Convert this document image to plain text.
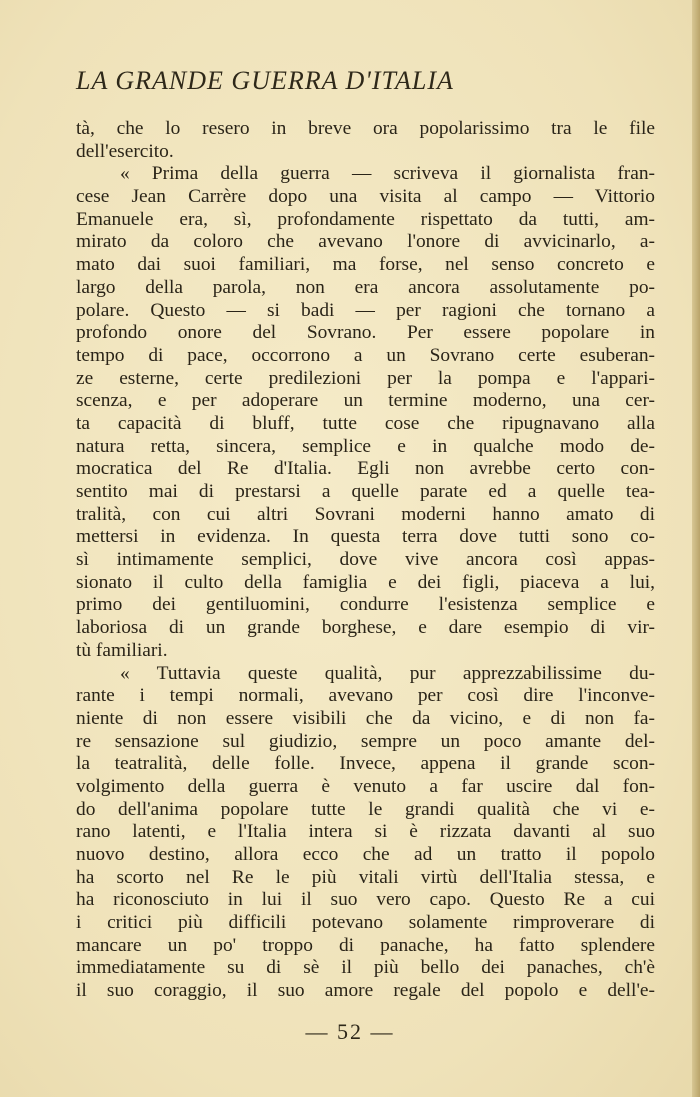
LA GRANDE GUERRA D'ITALIA
tà, che lo resero in breve ora popolarissimo tra le file
dell'esercito.
« Prima della guerra — scriveva il giornalista fran-
cese Jean Carrère dopo una visita al campo — Vittorio
Emanuele era, sì, profondamente rispettato da tutti, am-
mirato da coloro che avevano l'onore di avvicinarlo, a-
mato dai suoi familiari, ma forse, nel senso concreto e
largo della parola, non era ancora assolutamente po-
polare. Questo — si badi — per ragioni che tornano a
profondo onore del Sovrano. Per essere popolare in
tempo di pace, occorrono a un Sovrano certe esuberan-
ze esterne, certe predilezioni per la pompa e l'appari-
scenza, e per adoperare un termine moderno, una cer-
ta capacità di bluff, tutte cose che ripugnavano alla
natura retta, sincera, semplice e in qualche modo de-
mocratica del Re d'Italia. Egli non avrebbe certo con-
sentito mai di prestarsi a quelle parate ed a quelle tea-
tralità, con cui altri Sovrani moderni hanno amato di
mettersi in evidenza. In questa terra dove tutti sono co-
sì intimamente semplici, dove vive ancora così appas-
sionato il culto della famiglia e dei figli, piaceva a lui,
primo dei gentiluomini, condurre l'esistenza semplice e
laboriosa di un grande borghese, e dare esempio di vir-
tù familiari.
« Tuttavia queste qualità, pur apprezzabilissime du-
rante i tempi normali, avevano per così dire l'inconve-
niente di non essere visibili che da vicino, e di non fa-
re sensazione sul giudizio, sempre un poco amante del-
la teatralità, delle folle. Invece, appena il grande scon-
volgimento della guerra è venuto a far uscire dal fon-
do dell'anima popolare tutte le grandi qualità che vi e-
rano latenti, e l'Italia intera si è rizzata davanti al suo
nuovo destino, allora ecco che ad un tratto il popolo
ha scorto nel Re le più vitali virtù dell'Italia stessa, e
ha riconosciuto in lui il suo vero capo. Questo Re a cui
i critici più difficili potevano solamente rimproverare di
mancare un po' troppo di panache, ha fatto splendere
immediatamente su di sè il più bello dei panaches, ch'è
il suo coraggio, il suo amore regale del popolo e dell'e-
— 52 —
